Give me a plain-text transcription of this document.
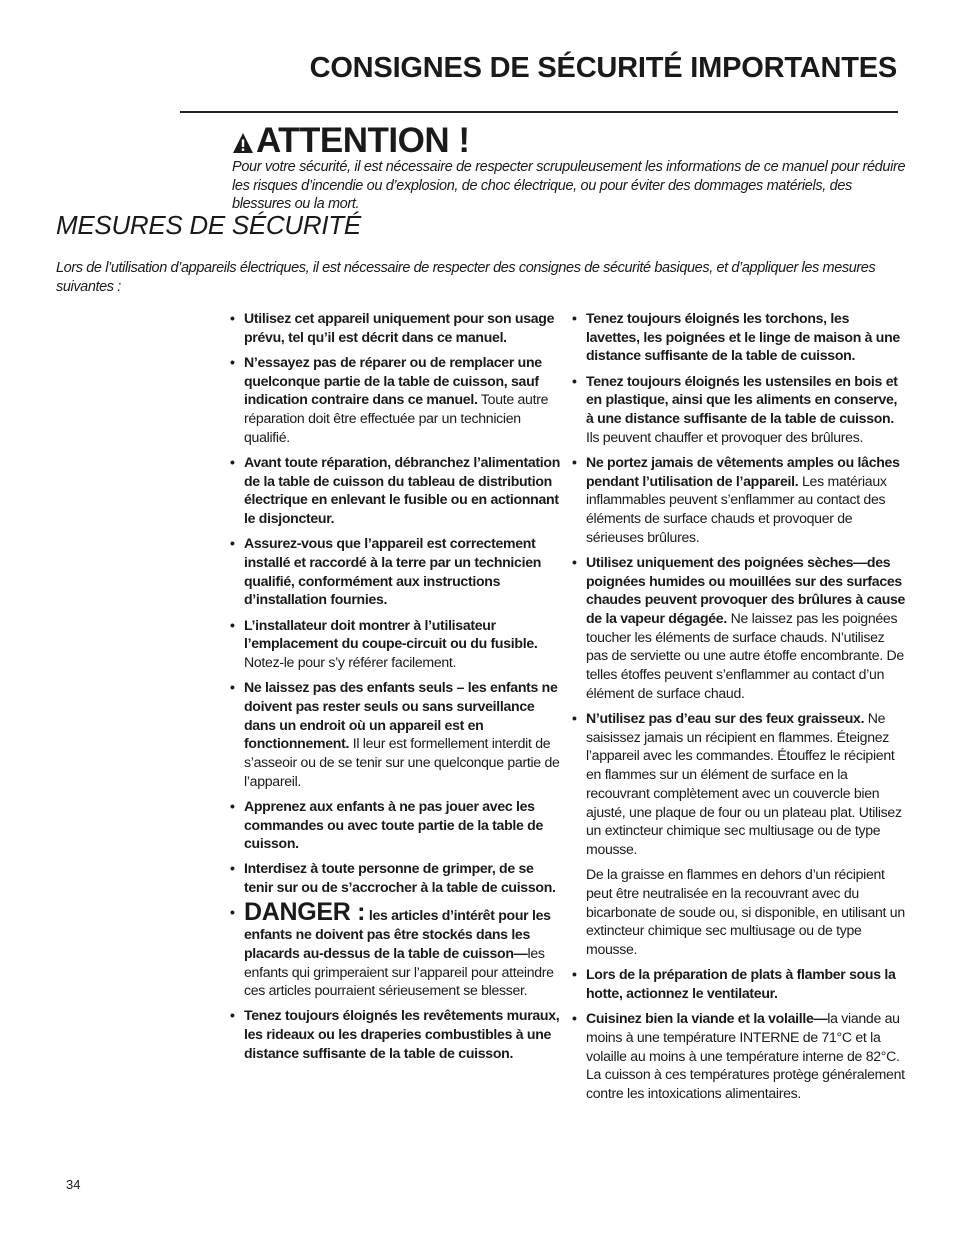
CONSIGNES DE SÉCURITÉ IMPORTANTES
ATTENTION !
Pour votre sécurité, il est nécessaire de respecter scrupuleusement les informations de ce manuel pour réduire les risques d’incendie ou d’explosion, de choc électrique, ou pour éviter des dommages matériels, des blessures ou la mort.
MESURES DE SÉCURITÉ
Lors de l’utilisation d’appareils électriques, il est nécessaire de respecter des consignes de sécurité basiques, et d’appliquer les mesures suivantes :
• Utilisez cet appareil uniquement pour son usage prévu, tel qu’il est décrit dans ce manuel.
• N’essayez pas de réparer ou de remplacer une quelconque partie de la table de cuisson, sauf indication contraire dans ce manuel. Toute autre réparation doit être effectuée par un technicien qualifié.
• Avant toute réparation, débranchez l’alimentation de la table de cuisson du tableau de distribution électrique en enlevant le fusible ou en actionnant le disjoncteur.
• Assurez-vous que l’appareil est correctement installé et raccordé à la terre par un technicien qualifié, conformément aux instructions d’installation fournies.
• L’installateur doit montrer à l’utilisateur l’emplacement du coupe-circuit ou du fusible. Notez-le pour s’y référer facilement.
• Ne laissez pas des enfants seuls – les enfants ne doivent pas rester seuls ou sans surveillance dans un endroit où un appareil est en fonctionnement. Il leur est formellement interdit de s’asseoir ou de se tenir sur une quelconque partie de l’appareil.
• Apprenez aux enfants à ne pas jouer avec les commandes ou avec toute partie de la table de cuisson.
• Interdisez à toute personne de grimper, de se tenir sur ou de s’accrocher à la table de cuisson.
• DANGER : les articles d’intérêt pour les enfants ne doivent pas être stockés dans les placards au-dessus de la table de cuisson—les enfants qui grimperaient sur l’appareil pour atteindre ces articles pourraient sérieusement se blesser.
• Tenez toujours éloignés les revêtements muraux, les rideaux ou les draperies combustibles à une distance suffisante de la table de cuisson.
• Tenez toujours éloignés les torchons, les lavettes, les poignées et le linge de maison à une distance suffisante de la table de cuisson.
• Tenez toujours éloignés les ustensiles en bois et en plastique, ainsi que les aliments en conserve, à une distance suffisante de la table de cuisson. Ils peuvent chauffer et provoquer des brûlures.
• Ne portez jamais de vêtements amples ou lâches pendant l’utilisation de l’appareil. Les matériaux inflammables peuvent s’enflammer au contact des éléments de surface chauds et provoquer de sérieuses brûlures.
• Utilisez uniquement des poignées sèches—des poignées humides ou mouillées sur des surfaces chaudes peuvent provoquer des brûlures à cause de la vapeur dégagée. Ne laissez pas les poignées toucher les éléments de surface chauds. N’utilisez pas de serviette ou une autre étoffe encombrante. De telles étoffes peuvent s’enflammer au contact d’un élément de surface chaud.
• N’utilisez pas d’eau sur des feux graisseux. Ne saisissez jamais un récipient en flammes. Éteignez l’appareil avec les commandes. Étouffez le récipient en flammes sur un élément de surface en la recouvrant complètement avec un couvercle bien ajusté, une plaque de four ou un plateau plat. Utilisez un extincteur chimique sec multiusage ou de type mousse.
De la graisse en flammes en dehors d’un récipient peut être neutralisée en la recouvrant avec du bicarbonate de soude ou, si disponible, en utilisant un extincteur chimique sec multiusage ou de type mousse.
• Lors de la préparation de plats à flamber sous la hotte, actionnez le ventilateur.
• Cuisinez bien la viande et la volaille—la viande au moins à une température INTERNE de 71°C et la volaille au moins à une température interne de 82°C. La cuisson à ces températures protège généralement contre les intoxications alimentaires.
34
